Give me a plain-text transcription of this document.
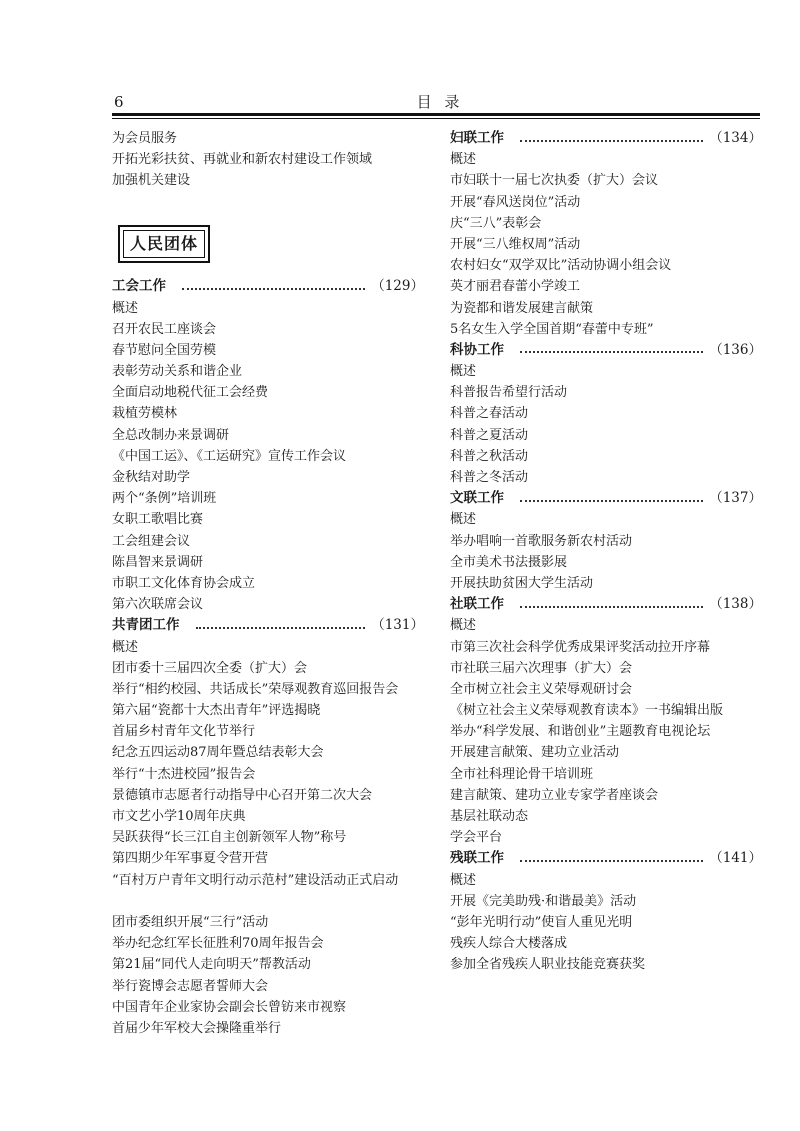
6	目 录
为会员服务
开拓光彩扶贫、再就业和新农村建设工作领域
加强机关建设
人民团体
工会工作	（129）
概述
召开农民工座谈会
春节慰问全国劳模
表彰劳动关系和谐企业
全面启动地税代征工会经费
栽植劳模林
全总改制办来景调研
《中国工运》、《工运研究》宣传工作会议
金秋结对助学
两个“条例”培训班
女职工歌唱比赛
工会组建会议
陈昌智来景调研
市职工文化体育协会成立
第六次联席会议
共青团工作	（131）
概述
团市委十三届四次全委（扩大）会
举行“相约校园、共话成长”荣辱观教育巡回报告会
第六届“瓷都十大杰出青年”评选揭晓
首届乡村青年文化节举行
纪念五四运动87周年暨总结表彰大会
举行“十杰进校园”报告会
景德镇市志愿者行动指导中心召开第二次大会
市文艺小学10周年庆典
吴跃获得“长三江自主创新领军人物”称号
第四期少年军事夏令营开营
“百村万户青年文明行动示范村”建设活动正式启动
团市委组织开展“三行”活动
举办纪念红军长征胜利70周年报告会
第21届“同代人走向明天”帮教活动
举行瓷博会志愿者誓师大会
中国青年企业家协会副会长曾钫来市视察
首届少年军校大会操隆重举行
妇联工作	（134）
概述
市妇联十一届七次执委（扩大）会议
开展“春风送岗位”活动
庆“三八”表彰会
开展“三八维权周”活动
农村妇女“双学双比”活动协调小组会议
英才丽君春蕾小学竣工
为瓷都和谐发展建言献策
5名女生入学全国首期“春蕾中专班”
科协工作	（136）
概述
科普报告希望行活动
科普之春活动
科普之夏活动
科普之秋活动
科普之冬活动
文联工作	（137）
概述
举办唱响一首歌服务新农村活动
全市美术书法摄影展
开展扶助贫困大学生活动
社联工作	（138）
概述
市第三次社会科学优秀成果评奖活动拉开序幕
市社联三届六次理事（扩大）会
全市树立社会主义荣辱观研讨会
《树立社会主义荣辱观教育读本》一书编辑出版
举办“科学发展、和谐创业”主题教育电视论坛
开展建言献策、建功立业活动
全市社科理论骨干培训班
建言献策、建功立业专家学者座谈会
基层社联动态
学会平台
残联工作	（141）
概述
开展《完美助残·和谐最美》活动
“彭年光明行动”使盲人重见光明
残疾人综合大楼落成
参加全省残疾人职业技能竞赛获奖
